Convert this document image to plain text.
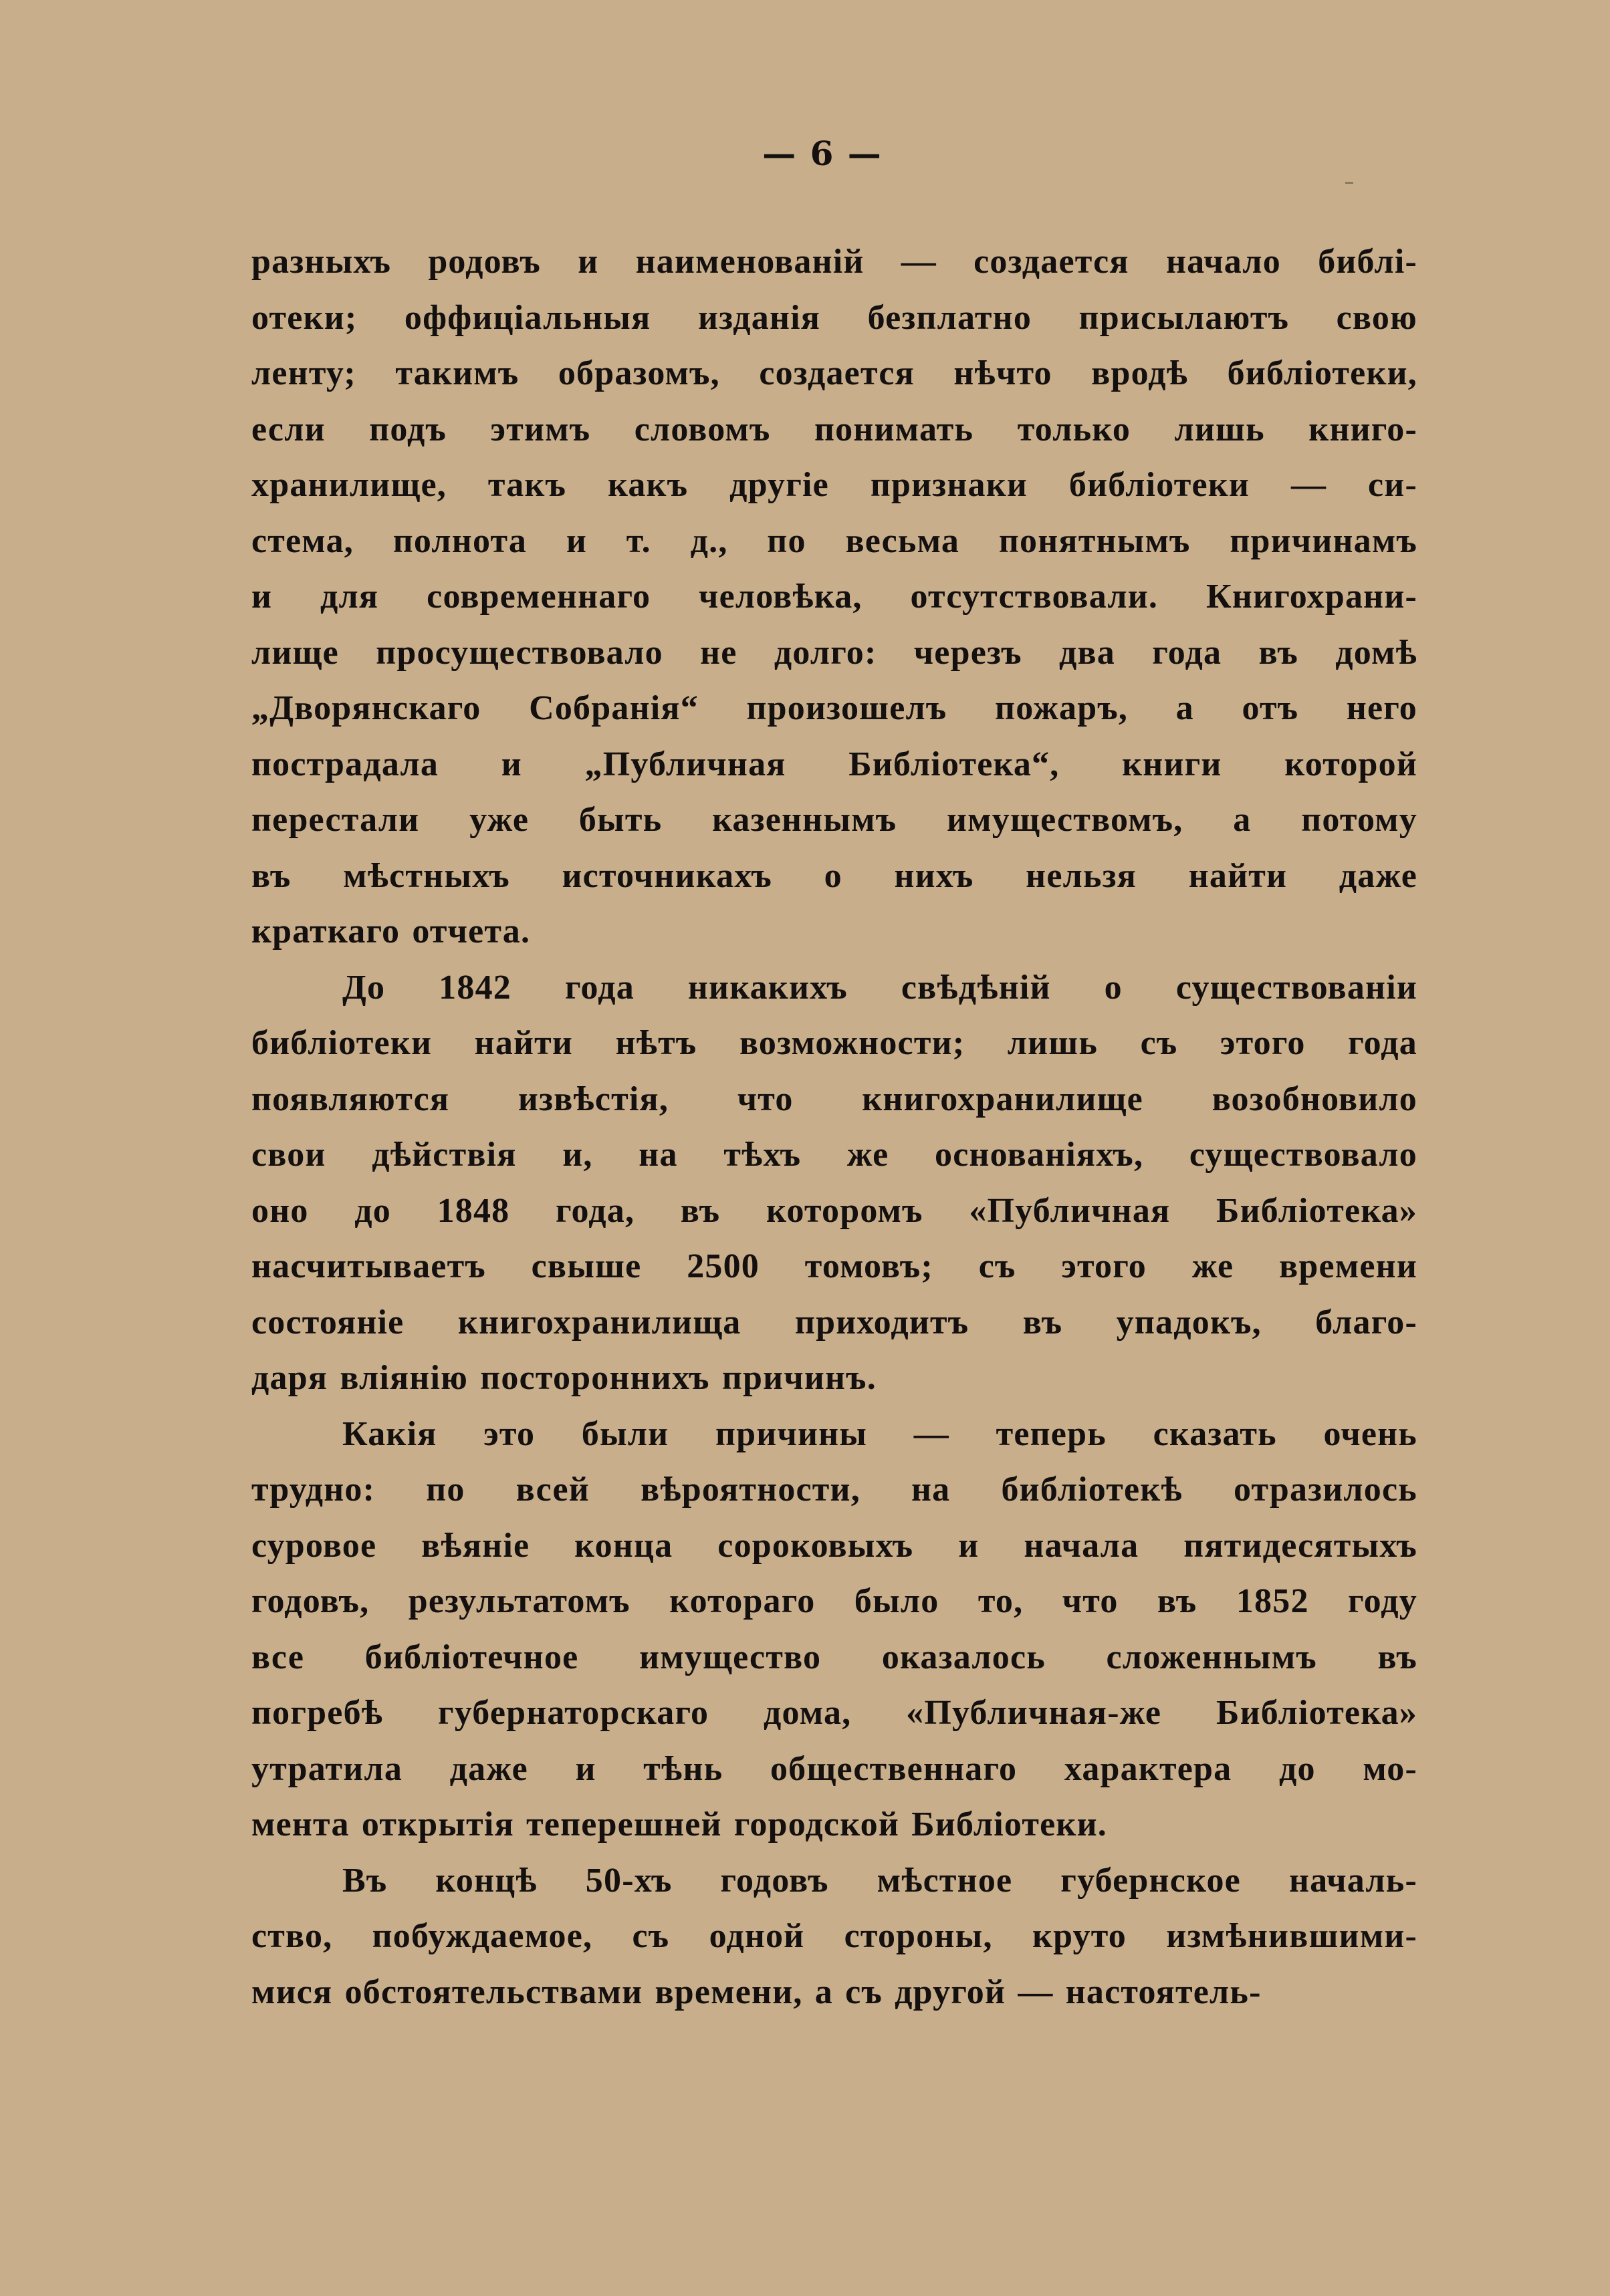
— 6 —
разныхъ родовъ и наименованій — создается начало библі-
отеки; оффиціальныя изданія безплатно присылаютъ свою
ленту; такимъ образомъ, создается нѣчто вродѣ библіотеки,
если подъ этимъ словомъ понимать только лишь книго-
хранилище, такъ какъ другіе признаки библіотеки — си-
стема, полнота и т. д., по весьма понятнымъ причинамъ
и для современнаго человѣка, отсутствовали. Книгохрани-
лище просуществовало не долго: черезъ два года въ домѣ
„Дворянскаго Собранія“ произошелъ пожаръ, а отъ него
пострадала и „Публичная Библіотека“, книги которой
перестали уже быть казеннымъ имуществомъ, а потому
въ мѣстныхъ источникахъ о нихъ нельзя найти даже
краткаго отчета.
До 1842 года никакихъ свѣдѣній о существованіи
библіотеки найти нѣтъ возможности; лишь съ этого года
появляются извѣстія, что книгохранилище возобновило
свои дѣйствія и, на тѣхъ же основаніяхъ, существовало
оно до 1848 года, въ которомъ «Публичная Библіотека»
насчитываетъ свыше 2500 томовъ; съ этого же времени
состояніе книгохранилища приходитъ въ упадокъ, благо-
даря вліянію постороннихъ причинъ.
Какія это были причины — теперь сказать очень
трудно: по всей вѣроятности, на библіотекѣ отразилось
суровое вѣяніе конца сороковыхъ и начала пятидесятыхъ
годовъ, результатомъ котораго было то, что въ 1852 году
все библіотечное имущество оказалось сложеннымъ въ
погребѣ губернаторскаго дома, «Публичная-же Библіотека»
утратила даже и тѣнь общественнаго характера до мо-
мента открытія теперешней городской Библіотеки.
Въ концѣ 50-хъ годовъ мѣстное губернское началь-
ство, побуждаемое, съ одной стороны, круто измѣнившими-
мися обстоятельствами времени, а съ другой — настоятель-
